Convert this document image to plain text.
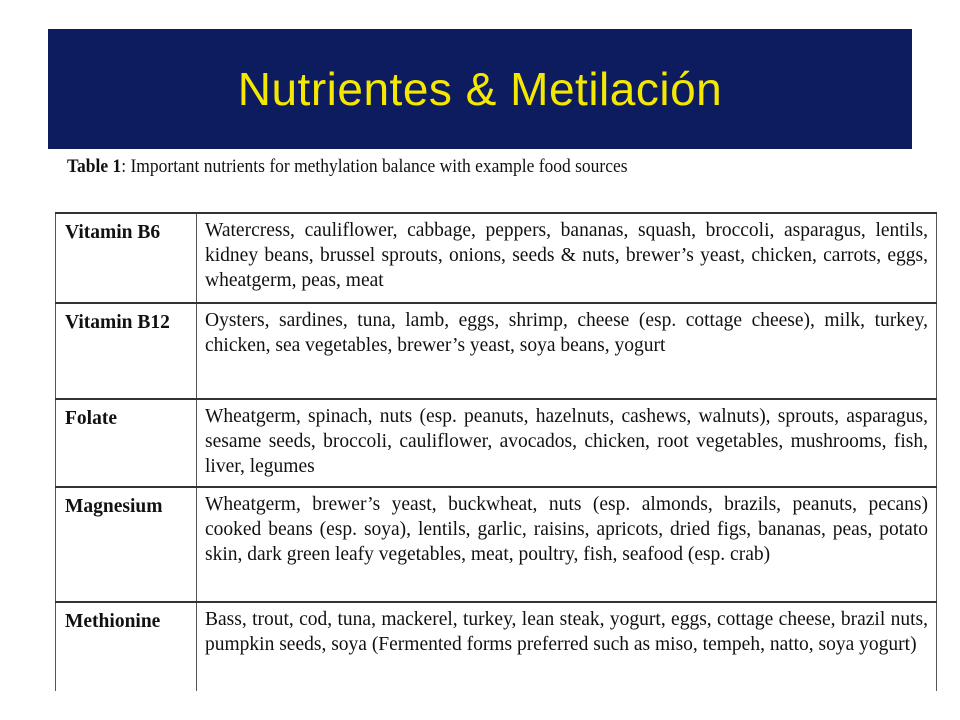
Nutrientes & Metilación
Table 1: Important nutrients for methylation balance with example food sources
Vitamin B6	Watercress, cauliflower, cabbage, peppers, bananas, squash, broccoli, asparagus, lentils, kidney beans, brussel sprouts, onions, seeds & nuts, brewer’s yeast, chicken, carrots, eggs, wheatgerm, peas, meat
Vitamin B12	Oysters, sardines, tuna, lamb, eggs, shrimp, cheese (esp. cottage cheese), milk, turkey, chicken, sea vegetables, brewer’s yeast, soya beans, yogurt
Folate	Wheatgerm, spinach, nuts (esp. peanuts, hazelnuts, cashews, walnuts), sprouts, asparagus, sesame seeds, broccoli, cauliflower, avocados, chicken, root vegetables, mushrooms, fish, liver, legumes
Magnesium	Wheatgerm, brewer’s yeast, buckwheat, nuts (esp. almonds, brazils, peanuts, pecans) cooked beans (esp. soya), lentils, garlic, raisins, apricots, dried figs, bananas, peas, potato skin, dark green leafy vegetables, meat, poultry, fish, seafood (esp. crab)
Methionine	Bass, trout, cod, tuna, mackerel, turkey, lean steak, yogurt, eggs, cottage cheese, brazil nuts, pumpkin seeds, soya (Fermented forms preferred such as miso, tempeh, natto, soya yogurt)
